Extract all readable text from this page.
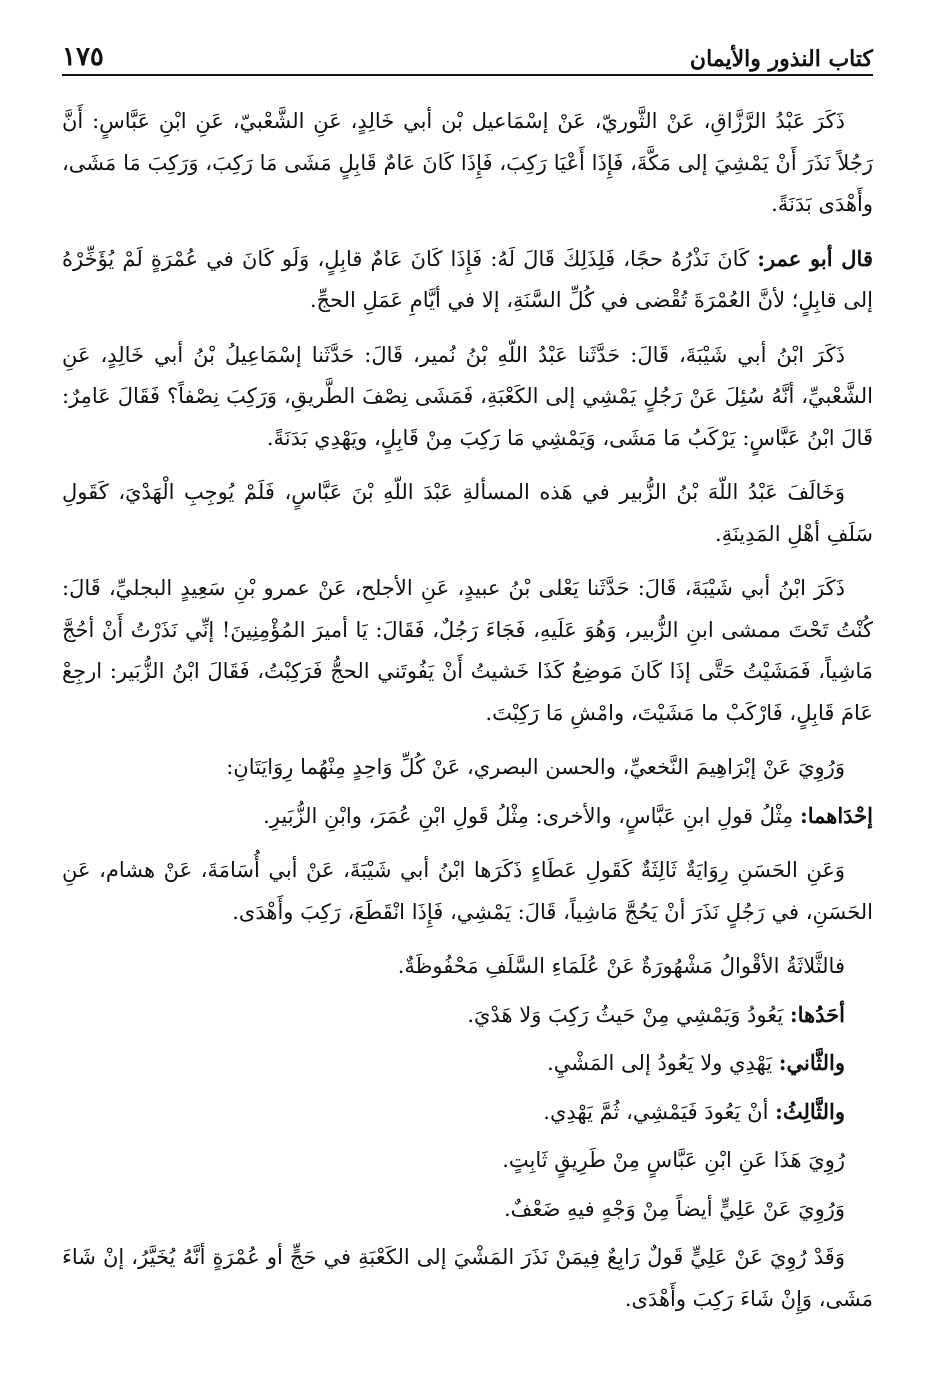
كتاب النذور والأيمان
١٧٥

ذَكَرَ عَبْدُ الرَّزَّاقِ، عَنْ الثَّوريّ، عَنْ إسْمَاعيل بْن أبي خَالِدٍ، عَنِ الشَّعْبيّ، عَنِ ابْنِ عَبَّاسٍ: أَنَّ رَجُلاً نَذَرَ أَنْ يَمْشِيَ إلى مَكَّةَ، فَإِذَا أَعْيَا رَكِبَ، فَإِذَا كَانَ عَامٌ قَابِلٍ مَشَى مَا رَكِبَ، وَرَكِبَ مَا مَشَى، وأَهْدَى بَدَنَةً.

قال أبو عمر: كَانَ نَذْرُهُ حجًا، فَلِذَلِكَ قَالَ لَهُ: فَإِذَا كَانَ عَامٌ قابِلٍ، وَلَو كَانَ في عُمْرَةٍ لَمْ يُؤَخِّرْهُ إلى قابِلٍ؛ لأنَّ العُمْرَةَ تُقْضى في كُلِّ السَّنَةِ، إلا في أيَّامِ عَمَلِ الحجِّ.

ذَكَرَ ابْنُ أبي شَيْبَةَ، قَالَ: حَدَّثَنا عَبْدُ اللّهِ بْنُ نُمير، قَالَ: حَدَّثَنا إسْمَاعِيلُ بْنُ أبي خَالِدٍ، عَنِ الشَّعْبيِّ، أنَّهُ سُئِلَ عَنْ رَجُلٍ يَمْشِي إلى الكَعْبَةِ، فَمَشَى نِصْفَ الطَّريقِ، وَرَكِبَ نِصْفاً؟ فَقَالَ عَامِرٌ: قَالَ ابْنُ عَبَّاسٍ: يَرْكَبُ مَا مَشَى، وَيَمْشِي مَا رَكِبَ مِنْ قَابِلٍ، ويَهْدِي بَدَنَةً.

وَخَالَفَ عَبْدُ اللّهَ بْنُ الزُّبير في هَذه المسألةِ عَبْدَ اللّهِ بْنَ عَبَّاسٍ، فَلَمْ يُوجِبِ الْهَدْيَ، كَقَولِ سَلَفِ أهْلِ المَدِينَةِ.

ذَكَرَ ابْنُ أبي شَيْبَةَ، قَالَ: حَدَّثَنا يَعْلى بْنُ عبيدٍ، عَنِ الأجلح، عَنْ عمرو بْنِ سَعِيدٍ البجليِّ، قَالَ: كُنْتُ تَحْتَ ممشى ابنِ الزُّبير، وَهُوَ عَلَيهِ، فَجَاءَ رَجُلٌ، فَقَالَ: يَا أميرَ المُؤْمِنِينَ! إنِّي نَذَرْتُ أَنْ أحُجَّ مَاشِياً، فَمَشَيْتُ حَتَّى إذَا كَانَ مَوضِعُ كَذَا خَشيتُ أَنْ يَفُوتَني الحجُّ فَرَكِبْتُ، فَقَالَ ابْنُ الزُّبَير: ارجِعْ عَامَ قَابِلٍ، فَارْكَبْ ما مَشَيْتَ، وامْشِ مَا رَكِبْتَ.

وَرُوِيَ عَنْ إبْرَاهِيمَ النَّخعيِّ، والحسن البصري، عَنْ كُلِّ وَاحِدٍ مِنْهُما رِوَايَتَانِ:

إحْدَاهما: مِثْلُ قولِ ابنِ عَبَّاسٍ، والأخرى: مِثْلُ قَولِ ابْنِ عُمَرَ، وابْنِ الزُّبَيرِ.

وَعَنِ الحَسَنِ رِوَايَةٌ ثَالِثَةٌ كَقَولِ عَطَاءٍ ذَكَرَها ابْنُ أبي شَيْبَةَ، عَنْ أبي أُسَامَةَ، عَنْ هشام، عَنِ الحَسَنِ، في رَجُلٍ نَذَرَ أنْ يَحُجَّ مَاشِياً، قَالَ: يَمْشِي، فَإِذَا انْقَطَعَ، رَكِبَ وأَهْدَى.

فالثَّلاثَةُ الأقْوالُ مَشْهُورَةٌ عَنْ عُلَمَاءِ السَّلَفِ مَحْفُوظَةٌ.

أحَدُها: يَعُودُ وَيَمْشِي مِنْ حَيثُ رَكِبَ وَلا هَدْيَ.

والثَّاني: يَهْدِي ولا يَعُودُ إلى المَشْيِ.

والثَّالِثُ: أنْ يَعُودَ فَيَمْشِي، ثُمَّ يَهْدِي.

رُوِيَ هَذَا عَنِ ابْنِ عَبَّاسٍ مِنْ طَرِيقٍ ثَابِتٍ.

وَرُوِيَ عَنْ عَلِيٍّ أيضاً مِنْ وَجْهٍ فيهِ ضَعْفٌ.

وَقَدْ رُوِيَ عَنْ عَلِيٍّ قَولٌ رَابِعٌ فِيمَنْ نَذَرَ المَشْيَ إلى الكَعْبَةِ في حَجٍّ أو عُمْرَةٍ أنَّهُ يُخَيَّرُ، إنْ شَاءَ مَشَى، وَإِنْ شَاءَ رَكِبَ وأَهْدَى.
